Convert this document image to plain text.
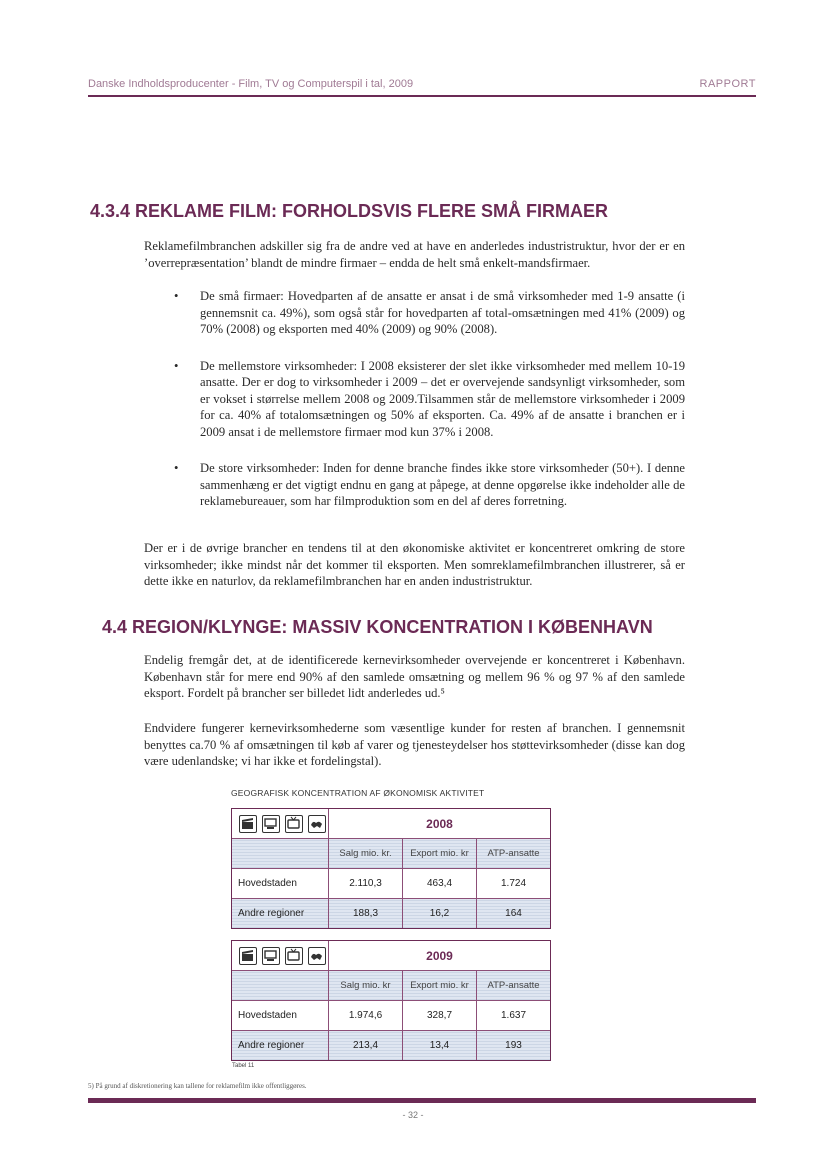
Danske Indholdsproducenter - Film, TV og Computerspil i tal, 2009	RAPPORT
4.3.4 REKLAME FILM: FORHOLDSVIS FLERE SMÅ FIRMAER

Reklamefilmbranchen adskiller sig fra de andre ved at have en anderledes industristruktur, hvor der er en ’overrepræsentation’ blandt de mindre firmaer – endda de helt små enkelt-mandsfirmaer.

• De små firmaer: Hovedparten af de ansatte er ansat i de små virksomheder med 1-9 ansatte (i gennemsnit ca. 49%), som også står for hovedparten af total-omsætningen med 41% (2009) og 70% (2008) og eksporten med 40% (2009) og 90% (2008).
• De mellemstore virksomheder: I 2008 eksisterer der slet ikke virksomheder med mellem 10-19 ansatte. Der er dog to virksomheder i 2009 – det er overvejende sandsynligt virksomheder, som er vokset i størrelse mellem 2008 og 2009.Tilsammen står de mellemstore virksomheder i 2009 for ca. 40% af totalomsætningen og 50% af eksporten. Ca. 49% af de ansatte i branchen er i 2009 ansat i de mellemstore firmaer mod kun 37% i 2008.
• De store virksomheder: Inden for denne branche findes ikke store virksomheder (50+). I denne sammenhæng er det vigtigt endnu en gang at påpege, at denne opgørelse ikke indeholder alle de reklamebureauer, som har filmproduktion som en del af deres forretning.

Der er i de øvrige brancher en tendens til at den økonomiske aktivitet er koncentreret omkring de store virksomheder; ikke mindst når det kommer til eksporten. Men somreklamefilmbranchen illustrerer, så er dette ikke en naturlov, da reklamefilmbranchen har en anden industristruktur.

4.4 REGION/KLYNGE: MASSIV KONCENTRATION I KØBENHAVN

Endelig fremgår det, at de identificerede kernevirksomheder overvejende er koncentreret i København. København står for mere end 90% af den samlede omsætning og mellem 96 % og 97 % af den samlede eksport. Fordelt på brancher ser billedet lidt anderledes ud.⁵

Endvidere fungerer kernevirksomhederne som væsentlige kunder for resten af branchen. I gennemsnit benyttes ca.70 % af omsætningen til køb af varer og tjenesteydelser hos støttevirksomheder (disse kan dog være udenlandske; vi har ikke et fordelingstal).

GEOGRAFISK KONCENTRATION AF ØKONOMISK AKTIVITET
2008
Salg mio. kr.	Export mio. kr	ATP-ansatte
Hovedstaden	2.110,3	463,4	1.724
Andre regioner	188,3	16,2	164
2009
Salg mio. kr	Export mio. kr	ATP-ansatte
Hovedstaden	1.974,6	328,7	1.637
Andre regioner	213,4	13,4	193
Tabel 11
5) På grund af diskretionering kan tallene for reklamefilm ikke offentliggøres.
- 32 -
